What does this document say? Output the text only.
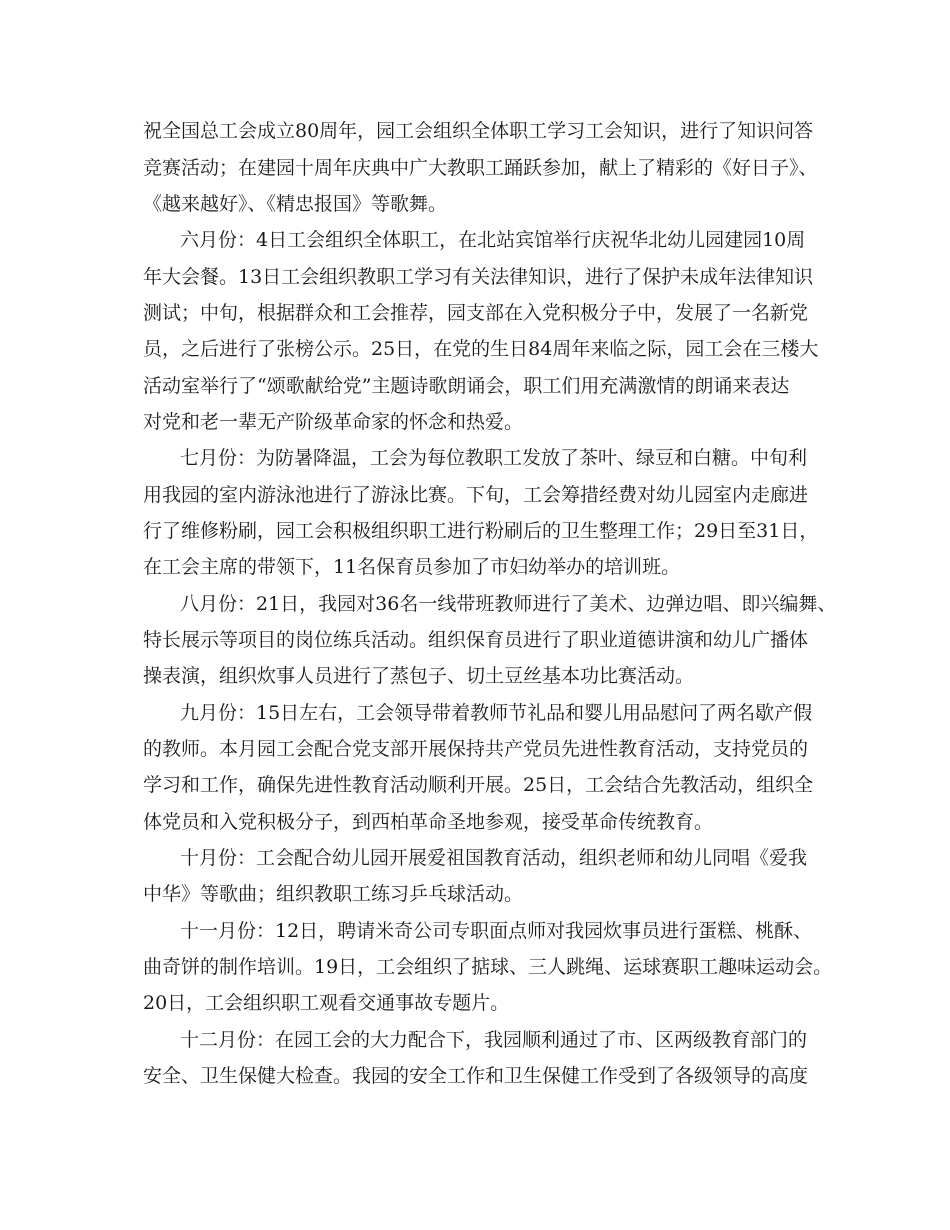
祝全国总工会成立80周年，园工会组织全体职工学习工会知识，进行了知识问答
竞赛活动；在建园十周年庆典中广大教职工踊跃参加，献上了精彩的《好日子》、
《越来越好》、《精忠报国》等歌舞。
六月份：4日工会组织全体职工，在北站宾馆举行庆祝华北幼儿园建园10周
年大会餐。13日工会组织教职工学习有关法律知识，进行了保护未成年法律知识
测试；中旬，根据群众和工会推荐，园支部在入党积极分子中，发展了一名新党
员，之后进行了张榜公示。25日，在党的生日84周年来临之际，园工会在三楼大
活动室举行了“颂歌献给党”主题诗歌朗诵会，职工们用充满激情的朗诵来表达
对党和老一辈无产阶级革命家的怀念和热爱。
七月份：为防暑降温，工会为每位教职工发放了茶叶、绿豆和白糖。中旬利
用我园的室内游泳池进行了游泳比赛。下旬，工会筹措经费对幼儿园室内走廊进
行了维修粉刷，园工会积极组织职工进行粉刷后的卫生整理工作；29日至31日，
在工会主席的带领下，11名保育员参加了市妇幼举办的培训班。
八月份：21日，我园对36名一线带班教师进行了美术、边弹边唱、即兴编舞、
特长展示等项目的岗位练兵活动。组织保育员进行了职业道德讲演和幼儿广播体
操表演，组织炊事人员进行了蒸包子、切土豆丝基本功比赛活动。
九月份：15日左右，工会领导带着教师节礼品和婴儿用品慰问了两名歇产假
的教师。本月园工会配合党支部开展保持共产党员先进性教育活动，支持党员的
学习和工作，确保先进性教育活动顺利开展。25日，工会结合先教活动，组织全
体党员和入党积极分子，到西柏革命圣地参观，接受革命传统教育。
十月份：工会配合幼儿园开展爱祖国教育活动，组织老师和幼儿同唱《爱我
中华》等歌曲；组织教职工练习乒乓球活动。
十一月份：12日，聘请米奇公司专职面点师对我园炊事员进行蛋糕、桃酥、
曲奇饼的制作培训。19日，工会组织了掂球、三人跳绳、运球赛职工趣味运动会。
20日，工会组织职工观看交通事故专题片。
十二月份：在园工会的大力配合下，我园顺利通过了市、区两级教育部门的
安全、卫生保健大检查。我园的安全工作和卫生保健工作受到了各级领导的高度
